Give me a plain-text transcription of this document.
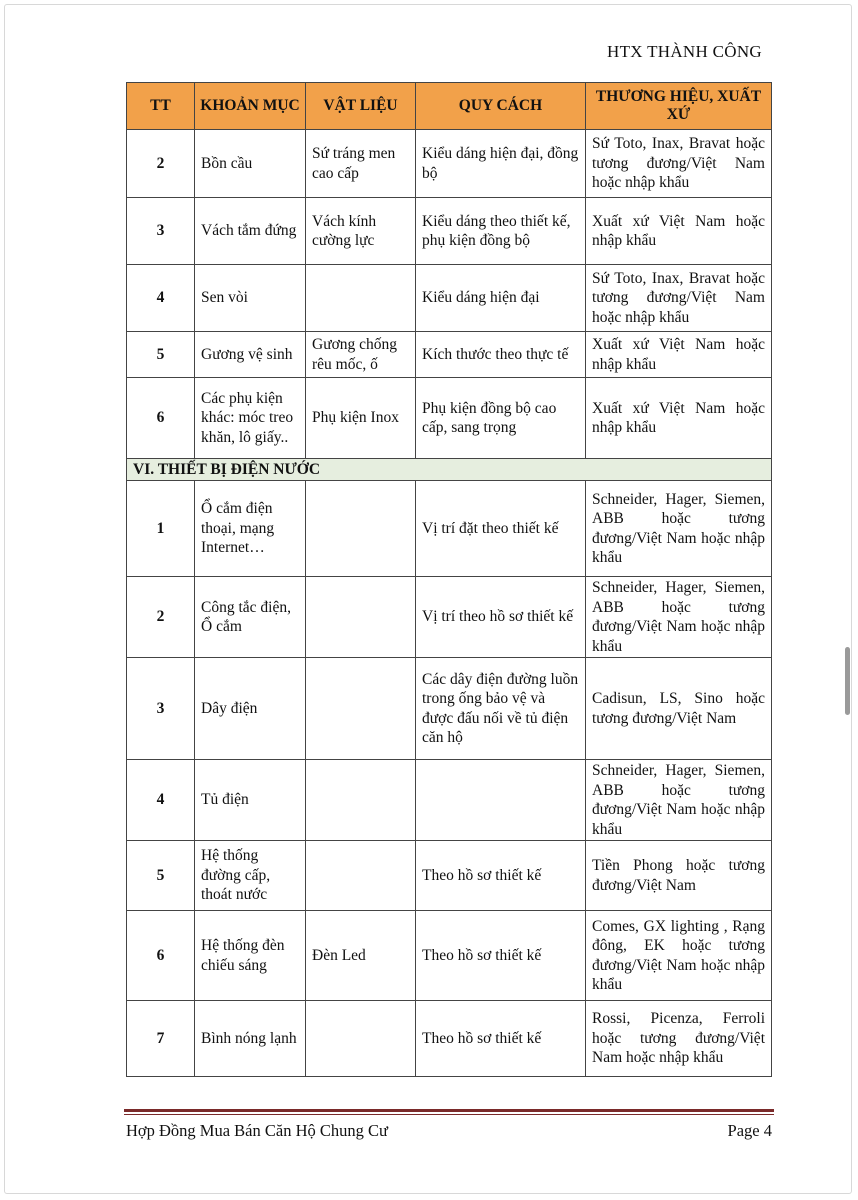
HTX THÀNH CÔNG
TT	KHOẢN MỤC	VẬT LIỆU	QUY CÁCH	THƯƠNG HIỆU, XUẤT XỨ
2	Bồn cầu	Sứ tráng men cao cấp	Kiểu dáng hiện đại, đồng bộ	Sứ Toto, Inax, Bravat hoặc tương đương/Việt Nam hoặc nhập khẩu
3	Vách tắm đứng	Vách kính cường lực	Kiểu dáng theo thiết kế, phụ kiện đồng bộ	Xuất xứ Việt Nam hoặc nhập khẩu
4	Sen vòi		Kiểu dáng hiện đại	Sứ Toto, Inax, Bravat hoặc tương đương/Việt Nam hoặc nhập khẩu
5	Gương vệ sinh	Gương chống rêu mốc, ố	Kích thước theo thực tế	Xuất xứ Việt Nam hoặc nhập khẩu
6	Các phụ kiện khác: móc treo khăn, lô giấy..	Phụ kiện Inox	Phụ kiện đồng bộ cao cấp, sang trọng	Xuất xứ Việt Nam hoặc nhập khẩu
VI. THIẾT BỊ ĐIỆN NƯỚC				
1	Ổ cắm điện thoại, mạng Internet…		Vị trí đặt theo thiết kế	Schneider, Hager, Siemen, ABB hoặc tương đương/Việt Nam hoặc nhập khẩu
2	Công tắc điện, Ổ cắm		Vị trí theo hồ sơ thiết kế	Schneider, Hager, Siemen, ABB hoặc tương đương/Việt Nam hoặc nhập khẩu
3	Dây điện		Các dây điện đường luồn trong ống bảo vệ và được đấu nối về tủ điện căn hộ	Cadisun, LS, Sino hoặc tương đương/Việt Nam
4	Tủ điện			Schneider, Hager, Siemen, ABB hoặc tương đương/Việt Nam hoặc nhập khẩu
5	Hệ thống đường cấp, thoát nước		Theo hồ sơ thiết kế	Tiền Phong hoặc tương đương/Việt Nam
6	Hệ thống đèn chiếu sáng	Đèn Led	Theo hồ sơ thiết kế	Comes, GX lighting , Rạng đông, EK hoặc tương đương/Việt Nam hoặc nhập khẩu
7	Bình nóng lạnh		Theo hồ sơ thiết kế	Rossi, Picenza, Ferroli hoặc tương đương/Việt Nam hoặc nhập khẩu
Hợp Đồng Mua Bán Căn Hộ Chung Cư	Page 4
